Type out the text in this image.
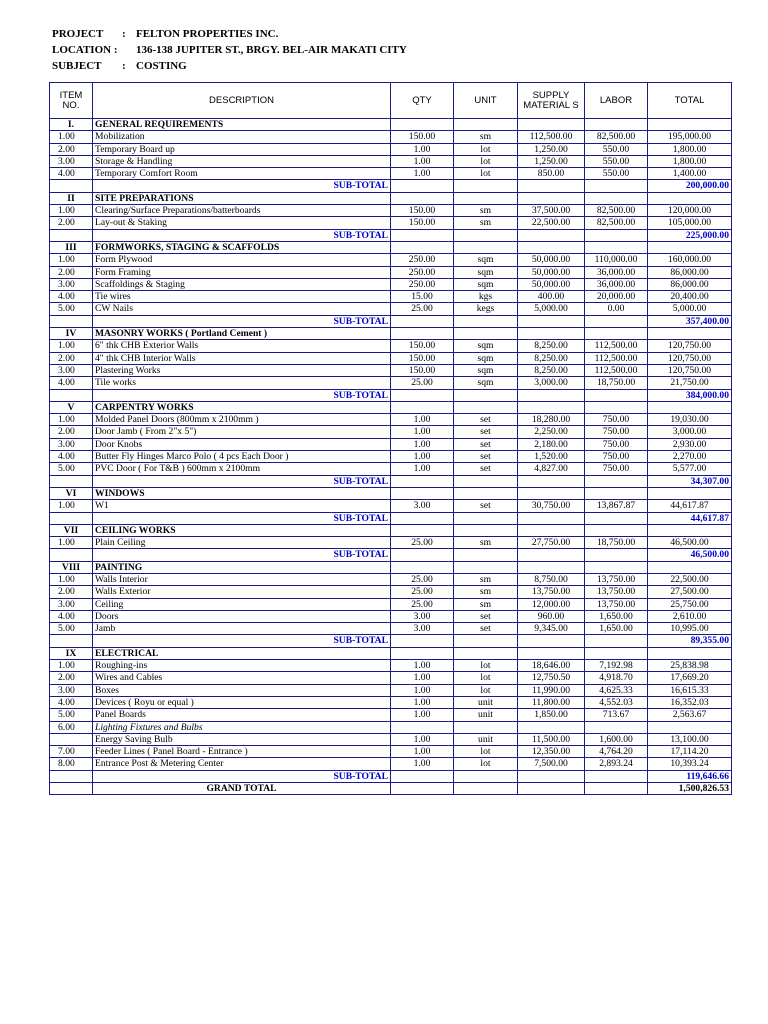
PROJECT : FELTON PROPERTIES INC.
LOCATION : 136-138 JUPITER ST., BRGY. BEL-AIR MAKATI CITY
SUBJECT : COSTING
ITEM NO.	DESCRIPTION	QTY	UNIT	SUPPLY MATERIAL S	LABOR	TOTAL
I.	GENERAL REQUIREMENTS					
1.00	Mobilization	150.00	sm	112,500.00	82,500.00	195,000.00
2.00	Temporary Board up	1.00	lot	1,250.00	550.00	1,800.00
3.00	Storage & Handling	1.00	lot	1,250.00	550.00	1,800.00
4.00	Temporary Comfort Room	1.00	lot	850.00	550.00	1,400.00
	SUB-TOTAL					200,000.00
II	SITE PREPARATIONS					
1.00	Clearing/Surface Preparations/batterboards	150.00	sm	37,500.00	82,500.00	120,000.00
2.00	Lay-out & Staking	150.00	sm	22,500.00	82,500.00	105,000.00
	SUB-TOTAL					225,000.00
III	FORMWORKS, STAGING & SCAFFOLDS					
1.00	Form Plywood	250.00	sqm	50,000.00	110,000.00	160,000.00
2.00	Form Framing	250.00	sqm	50,000.00	36,000.00	86,000.00
3.00	Scaffoldings & Staging	250.00	sqm	50,000.00	36,000.00	86,000.00
4.00	Tie wires	15.00	kgs	400.00	20,000.00	20,400.00
5.00	CW Nails	25.00	kegs	5,000.00	0.00	5,000.00
	SUB-TOTAL					357,400.00
IV	MASONRY WORKS ( Portland Cement )					
1.00	6" thk CHB Exterior Walls	150.00	sqm	8,250.00	112,500.00	120,750.00
2.00	4" thk CHB Interior Walls	150.00	sqm	8,250.00	112,500.00	120,750.00
3.00	Plastering Works	150.00	sqm	8,250.00	112,500.00	120,750.00
4.00	Tile works	25.00	sqm	3,000.00	18,750.00	21,750.00
	SUB-TOTAL					384,000.00
V	CARPENTRY WORKS					
1.00	Molded Panel Doors (800mm x 2100mm )	1.00	set	18,280.00	750.00	19,030.00
2.00	Door Jamb ( From 2"x 5")	1.00	set	2,250.00	750.00	3,000.00
3.00	Door Knobs	1.00	set	2,180.00	750.00	2,930.00
4.00	Butter Fly Hinges Marco Polo ( 4 pcs Each Door )	1.00	set	1,520.00	750.00	2,270.00
5.00	PVC Door ( For T&B ) 600mm x 2100mm	1.00	set	4,827.00	750.00	5,577.00
	SUB-TOTAL					34,307.00
VI	WINDOWS					
1.00	W1	3.00	set	30,750.00	13,867.87	44,617.87
	SUB-TOTAL					44,617.87
VII	CEILING WORKS					
1.00	Plain Ceiling	25.00	sm	27,750.00	18,750.00	46,500.00
	SUB-TOTAL					46,500.00
VIII	PAINTING					
1.00	Walls Interior	25.00	sm	8,750.00	13,750.00	22,500.00
2.00	Walls Exterior	25.00	sm	13,750.00	13,750.00	27,500.00
3.00	Ceiling	25.00	sm	12,000.00	13,750.00	25,750.00
4.00	Doors	3.00	set	960.00	1,650.00	2,610.00
5.00	Jamb	3.00	set	9,345.00	1,650.00	10,995.00
	SUB-TOTAL					89,355.00
IX	ELECTRICAL					
1.00	Roughing-ins	1.00	lot	18,646.00	7,192.98	25,838.98
2.00	Wires and Cables	1.00	lot	12,750.50	4,918.70	17,669.20
3.00	Boxes	1.00	lot	11,990.00	4,625.33	16,615.33
4.00	Devices ( Royu or equal )	1.00	unit	11,800.00	4,552.03	16,352.03
5.00	Panel Boards	1.00	unit	1,850.00	713.67	2,563.67
6.00	Lighting Fixtures and Bulbs					
	Energy Saving Bulb	1.00	unit	11,500.00	1,600.00	13,100.00
7.00	Feeder Lines ( Panel Board - Entrance )	1.00	lot	12,350.00	4,764.20	17,114.20
8.00	Entrance Post & Metering Center	1.00	lot	7,500.00	2,893.24	10,393.24
	SUB-TOTAL					119,646.66
	GRAND TOTAL					1,500,826.53
